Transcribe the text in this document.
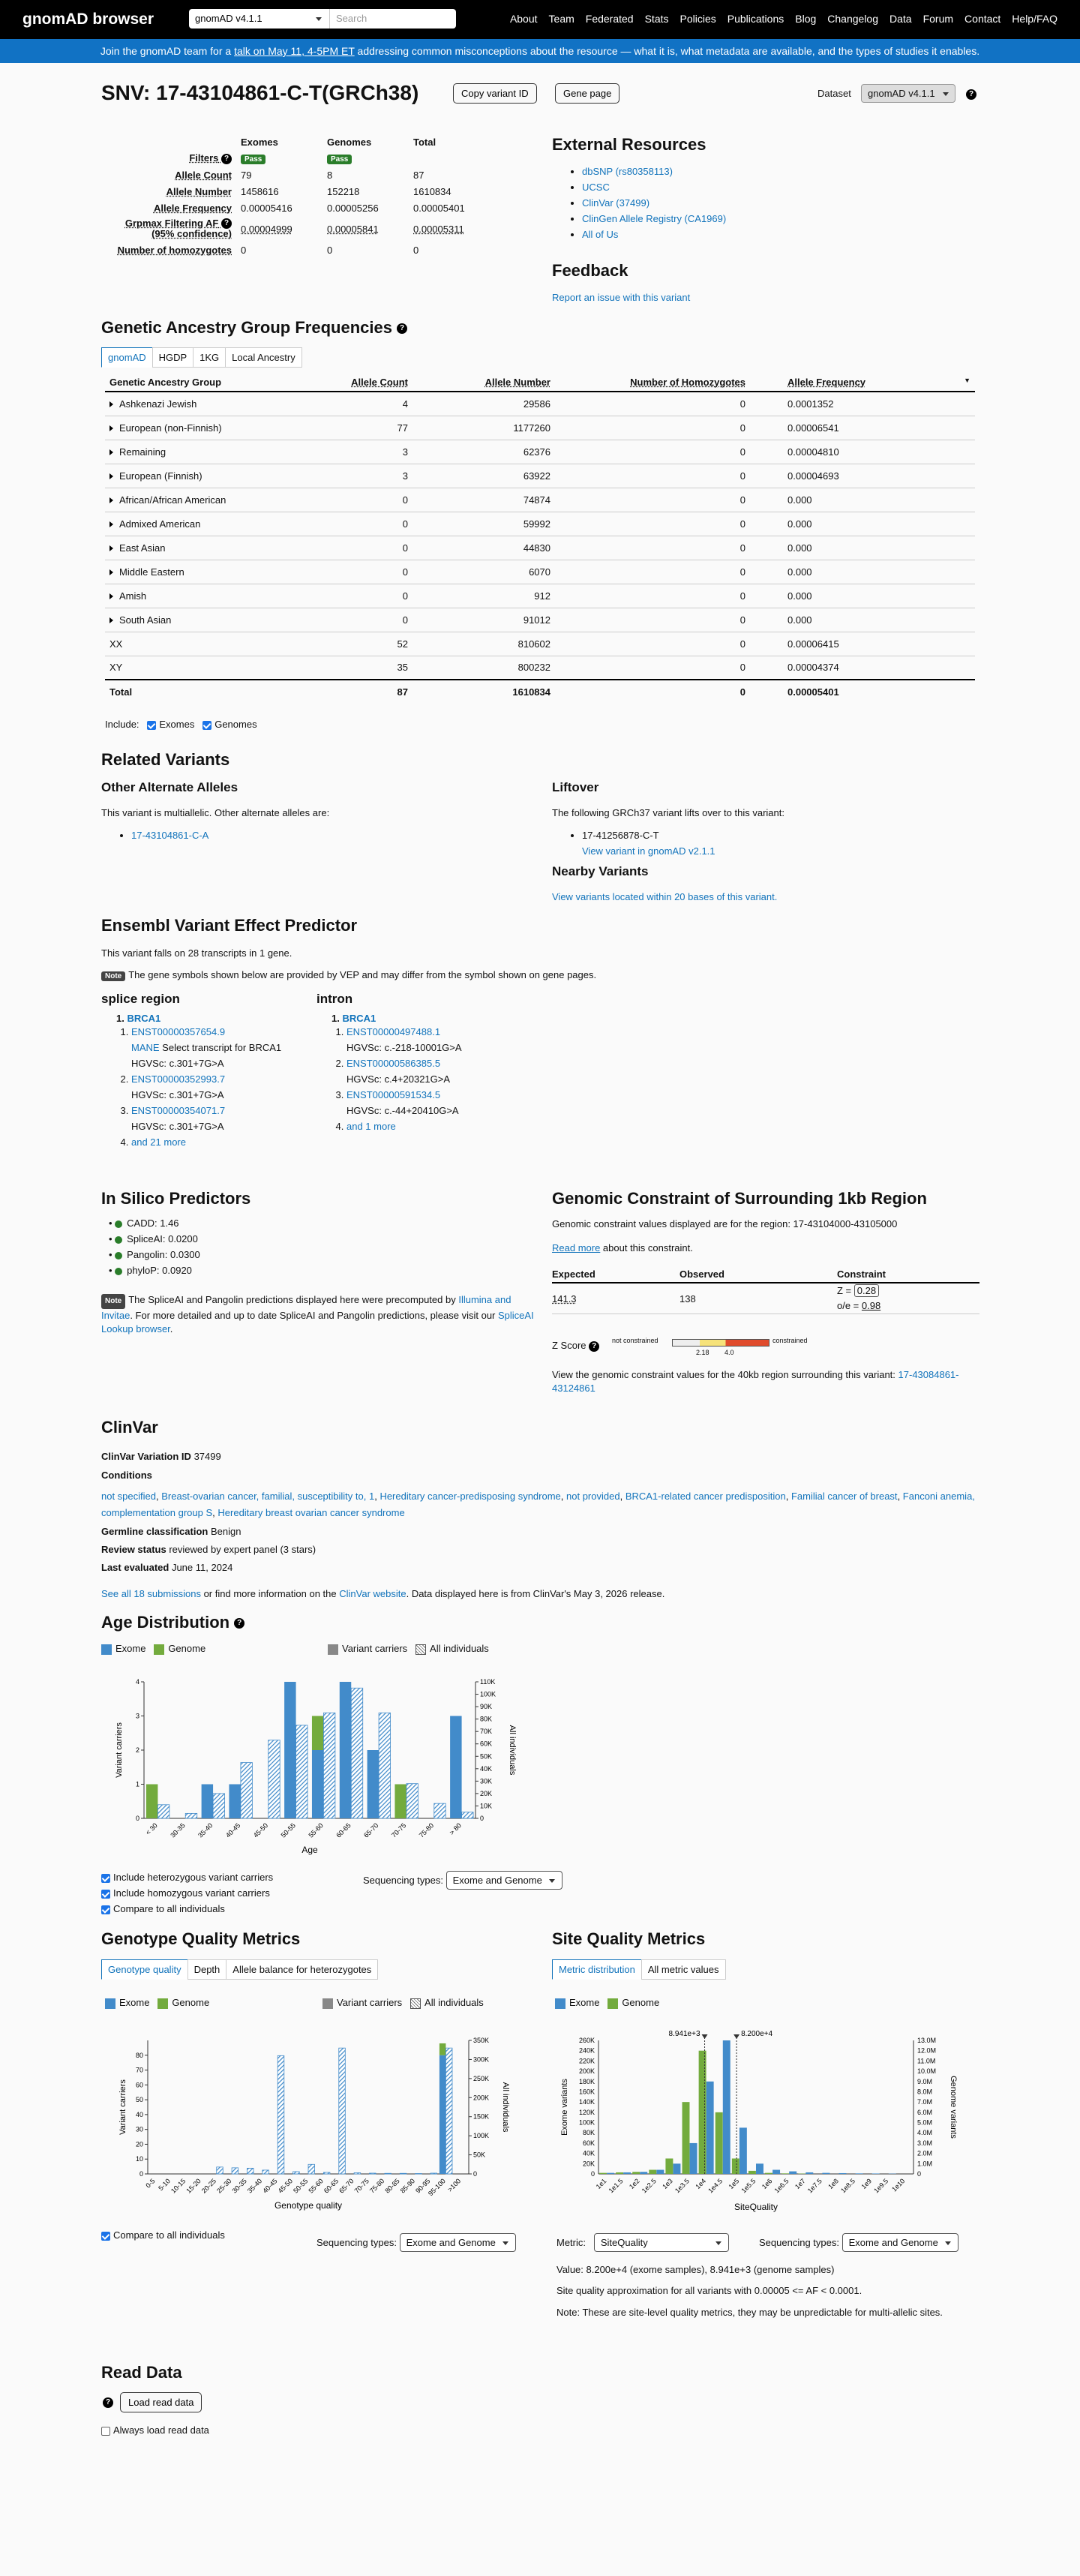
gnomAD browser	gnomAD v4.1.1	Search	About Team Federated Stats Policies Publications Blog Changelog Data Forum Contact Help/FAQ
Join the gnomAD team for a talk on May 11, 4-5PM ET addressing common misconceptions about the resource — what it is, what metadata are available, and the types of studies it enables.
SNV: 17-43104861-C-T(GRCh38)	Copy variant ID	Gene page	Dataset gnomAD v4.1.1	?
	Exomes	Genomes	Total
Filters ?	Pass	Pass	
Allele Count	79	8	87
Allele Number	1458616	152218	1610834
Allele Frequency	0.00005416	0.00005256	0.00005401
Grpmax Filtering AF ?
(95% confidence)	0.00004999	0.00005841	0.00005311
Number of homozygotes	0	0	0
External Resources
• dbSNP (rs80358113)
• UCSC
• ClinVar (37499)
• ClinGen Allele Registry (CA1969)
• All of Us
Feedback
Report an issue with this variant
Genetic Ancestry Group Frequencies ?
gnomAD	HGDP	1KG	Local Ancestry
Genetic Ancestry Group	Allele Count	Allele Number	Number of Homozygotes	Allele Frequency ▼

Ashkenazi Jewish	4	29586	0	0.0001352
European (non-Finnish)	77	1177260	0	0.00006541
Remaining	3	62376	0	0.00004810
European (Finnish)	3	63922	0	0.00004693
African/African American	0	74874	0	0.000
Admixed American	0	59992	0	0.000
East Asian	0	44830	0	0.000
Middle Eastern	0	6070	0	0.000
Amish	0	912	0	0.000
South Asian	0	91012	0	0.000
XX	52	810602	0	0.00006415
XY	35	800232	0	0.00004374
Total	87	1610834	0	0.00005401
Include: Exomes Genomes
Related Variants
Other Alternate Alleles
This variant is multiallelic. Other alternate alleles are:
• 17-43104861-C-A
Liftover
The following GRCh37 variant lifts over to this variant:
• 17-41256878-C-T
View variant in gnomAD v2.1.1
Nearby Variants
View variants located within 20 bases of this variant.
Ensembl Variant Effect Predictor
This variant falls on 28 transcripts in 1 gene.
Note The gene symbols shown below are provided by VEP and may differ from the symbol shown on gene pages.
splice region
1. BRCA1
1. ENST00000357654.9
MANE Select transcript for BRCA1
HGVSc: c.301+7G>A
2. ENST00000352993.7
HGVSc: c.301+7G>A
3. ENST00000354071.7
HGVSc: c.301+7G>A
4. and 21 more
intron
1. BRCA1
1. ENST00000497488.1
HGVSc: c.-218-10001G>A
2. ENST00000586385.5
HGVSc: c.4+20321G>A
3. ENST00000591534.5
HGVSc: c.-44+20410G>A
4. and 1 more
In Silico Predictors
• CADD: 1.46
• SpliceAI: 0.0200
• Pangolin: 0.0300
• phyloP: 0.0920
Note The SpliceAI and Pangolin predictions displayed here were precomputed by Illumina and Invitae. For more detailed and up to date SpliceAI and Pangolin predictions, please visit our SpliceAI Lookup browser.
Genomic Constraint of Surrounding 1kb Region
Genomic constraint values displayed are for the region: 17-43104000-43105000
Read more about this constraint.
Expected	Observed	Constraint
141.3	138	Z = 0.28
o/e = 0.98
Z Score ?
not constrained	constrained
2.18 4.0
View the genomic constraint values for the 40kb region surrounding this variant: 17-43084861-43124861
ClinVar
ClinVar Variation ID 37499
Conditions
not specified, Breast-ovarian cancer, familial, susceptibility to, 1, Hereditary cancer-predisposing syndrome, not provided, BRCA1-related cancer predisposition, Familial cancer of breast, Fanconi anemia, complementation group S, Hereditary breast ovarian cancer syndrome
Germline classification Benign
Review status reviewed by expert panel (3 stars)
Last evaluated June 11, 2024
See all 18 submissions or find more information on the ClinVar website. Data displayed here is from ClinVar's May 3, 2026 release.
Age Distribution ?
Exome Genome	Variant carriers All individuals
0
1
2
3
4
0
10K
20K
30K
40K
50K
60K
70K
80K
90K
100K
110K
< 30 30-35 35-40 40-45 45-50 50-55 55-60 60-65 65-70 70-75 75-80 > 80
Variant carriers	All individuals
Age
Include heterozygous variant carriers
Include homozygous variant carriers
Compare to all individuals
Sequencing types: Exome and Genome
Genotype Quality Metrics
Genotype quality	Depth	Allele balance for heterozygotes
Exome Genome	Variant carriers All individuals
0
10
20
30
40
50
60
70
80
0
50K
100K
150K
200K
250K
300K
350K
0-5 5-10
10-15
15-20
20-25
25-30
30-35
35-40
40-45
45-50
50-55
55-60
60-65
65-70
70-75
75-80
80-85
85-90
90-95
95-100
>100
Variant carriers	All individuals
Genotype quality
Compare to all individuals
Sequencing types: Exome and Genome
Site Quality Metrics
Metric distribution	All metric values
Exome Genome
0
20K
40K
60K
80K
100K
120K
140K
160K
180K
200K
220K
240K
260K
0
1.0M
2.0M
3.0M
4.0M
5.0M
6.0M
7.0M
8.0M
9.0M
10.0M
11.0M
12.0M
13.0M
1e1 1e1.5 1e2 1e2.5 1e3 1e3.5 1e4 1e4.5 1e5 1e5.5 1e6 1e6.5 1e7 1e7.5 1e8 1e8.5 1e9 1e9.5 1e10
8.941e+3	8.200e+4
Exome variants	Genome variants
SiteQuality
Metric: SiteQuality	Sequencing types: Exome and Genome
Value: 8.200e+4 (exome samples), 8.941e+3 (genome samples)
Site quality approximation for all variants with 0.00005 <= AF < 0.0001.
Note: These are site-level quality metrics, they may be unpredictable for multi-allelic sites.
Read Data
?	Load read data
Always load read data
